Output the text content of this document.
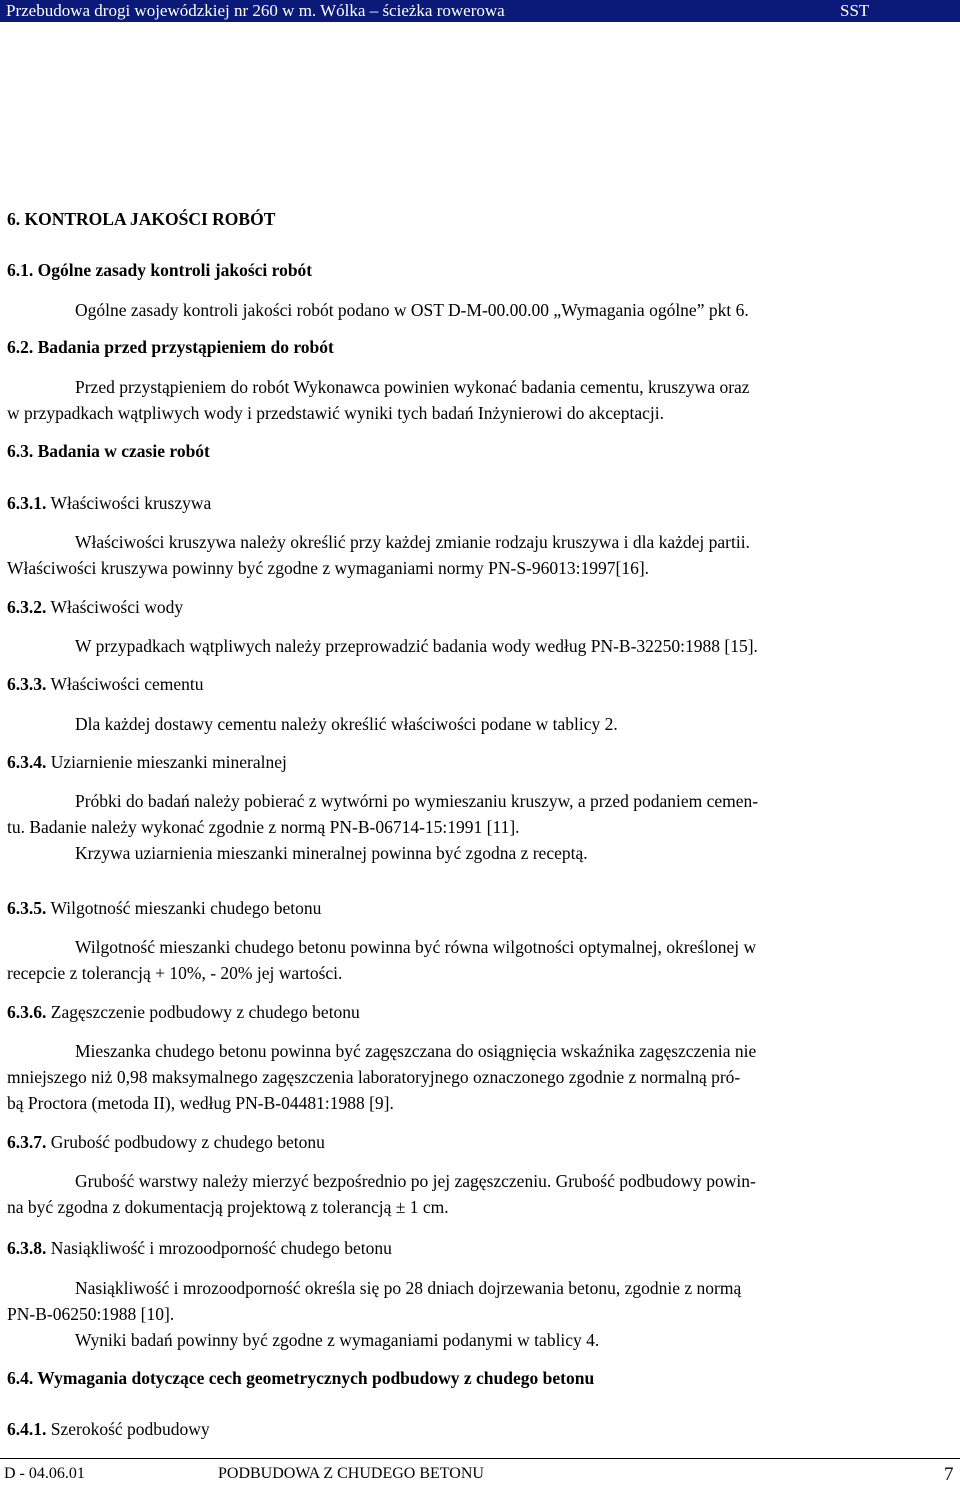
Przebudowa drogi wojewódzkiej nr 260 w m. Wólka – ścieżka rowerowa	SST
6. KONTROLA JAKOŚCI ROBÓT
6.1. Ogólne zasady kontroli jakości robót
Ogólne zasady kontroli jakości robót podano w OST D-M-00.00.00 „Wymagania ogólne” pkt 6.
6.2. Badania przed przystąpieniem do robót
Przed przystąpieniem do robót Wykonawca powinien wykonać badania cementu, kruszywa oraz
w przypadkach wątpliwych wody i przedstawić wyniki tych badań Inżynierowi do akceptacji.
6.3. Badania w czasie robót
6.3.1. Właściwości kruszywa
Właściwości kruszywa należy określić przy każdej zmianie rodzaju kruszywa i dla każdej partii.
Właściwości kruszywa powinny być zgodne z wymaganiami normy PN-S-96013:1997[16].
6.3.2. Właściwości wody
W przypadkach wątpliwych należy przeprowadzić badania wody według PN-B-32250:1988 [15].
6.3.3. Właściwości cementu
Dla każdej dostawy cementu należy określić właściwości podane w tablicy 2.
6.3.4. Uziarnienie mieszanki mineralnej
Próbki do badań należy pobierać z wytwórni po wymieszaniu kruszyw, a przed podaniem cemen-
tu. Badanie należy wykonać zgodnie z normą PN-B-06714-15:1991 [11].
Krzywa uziarnienia mieszanki mineralnej powinna być zgodna z receptą.
6.3.5. Wilgotność mieszanki chudego betonu
Wilgotność mieszanki chudego betonu powinna być równa wilgotności optymalnej, określonej w
recepcie z tolerancją + 10%, - 20% jej wartości.
6.3.6. Zagęszczenie podbudowy z chudego betonu
Mieszanka chudego betonu powinna być zagęszczana do osiągnięcia wskaźnika zagęszczenia nie
mniejszego niż 0,98 maksymalnego zagęszczenia laboratoryjnego oznaczonego zgodnie z normalną pró-
bą Proctora (metoda II), według PN-B-04481:1988 [9].
6.3.7. Grubość podbudowy z chudego betonu
Grubość warstwy należy mierzyć bezpośrednio po jej zagęszczeniu. Grubość podbudowy powin-
na być zgodna z dokumentacją projektową z tolerancją ± 1 cm.
6.3.8. Nasiąkliwość i mrozoodporność chudego betonu
Nasiąkliwość i mrozoodporność określa się po 28 dniach dojrzewania betonu, zgodnie z normą
PN-B-06250:1988 [10].
Wyniki badań powinny być zgodne z wymaganiami podanymi w tablicy 4.
6.4. Wymagania dotyczące cech geometrycznych podbudowy z chudego betonu
6.4.1. Szerokość podbudowy
D - 04.06.01	PODBUDOWA Z CHUDEGO BETONU	7
